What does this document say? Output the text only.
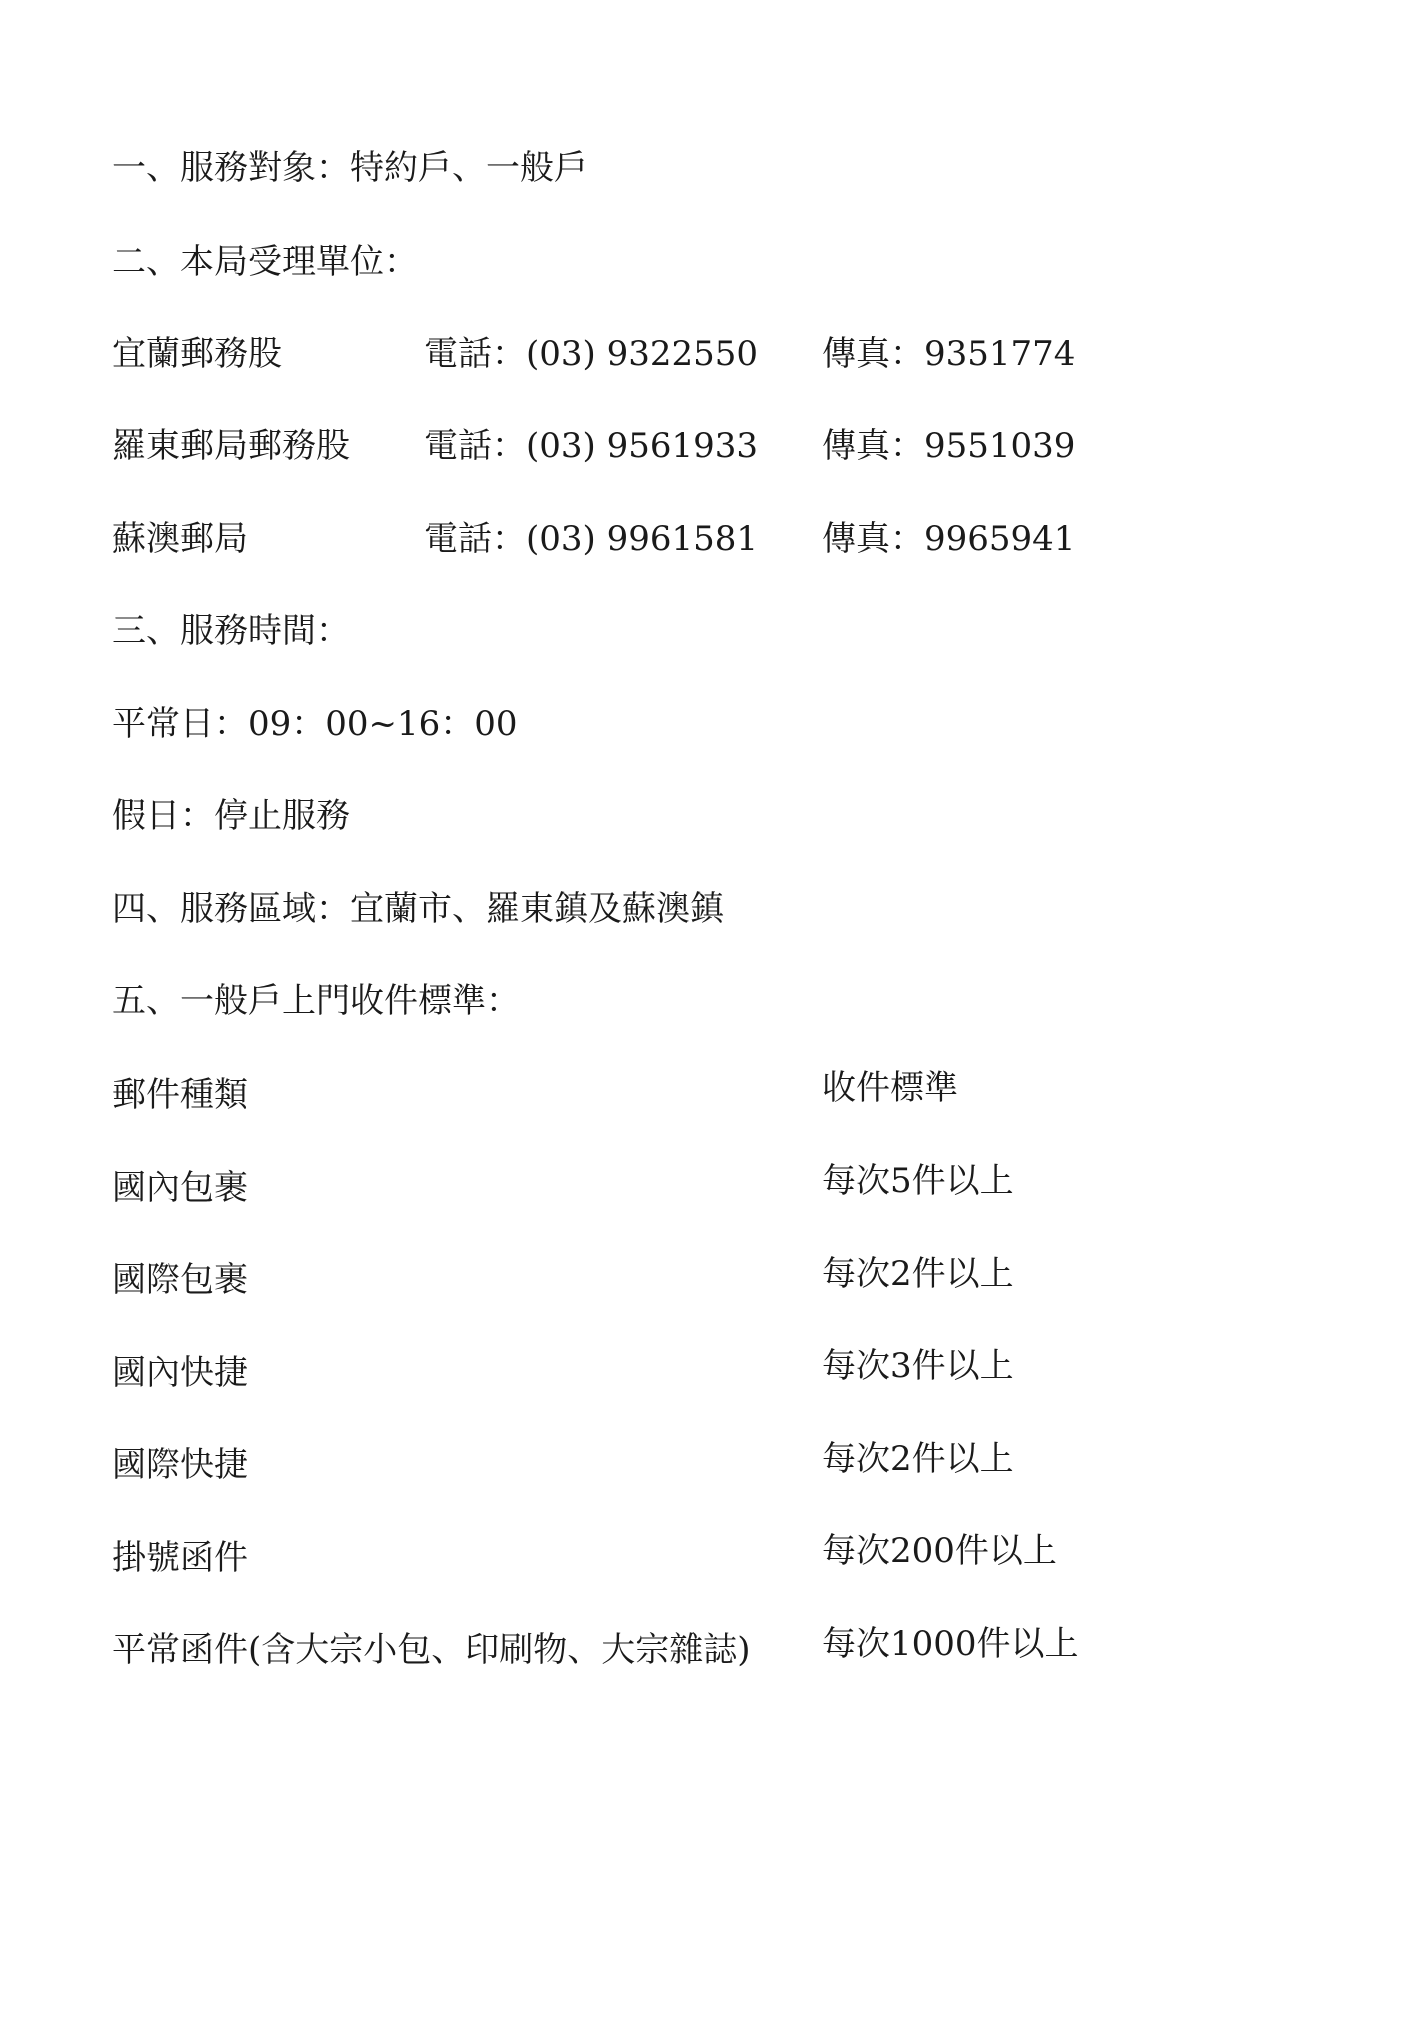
一、服務對象：特約戶、一般戶
二、本局受理單位：
宜蘭郵務股	電話：(03) 9322550 傳真：9351774
羅東郵局郵務股 電話：(03) 9561933 傳真：9551039
蘇澳郵局	電話：(03) 9961581 傳真：9965941
三、服務時間：
平常日：09：00~16：00
假日：停止服務
四、服務區域：宜蘭市、羅東鎮及蘇澳鎮
五、一般戶上門收件標準：
郵件種類	收件標準
國內包裹	每次5件以上
國際包裹	每次2件以上
國內快捷	每次3件以上
國際快捷	每次2件以上
掛號函件	每次200件以上
平常函件(含大宗小包、印刷物、大宗雜誌) 每次1000件以上
